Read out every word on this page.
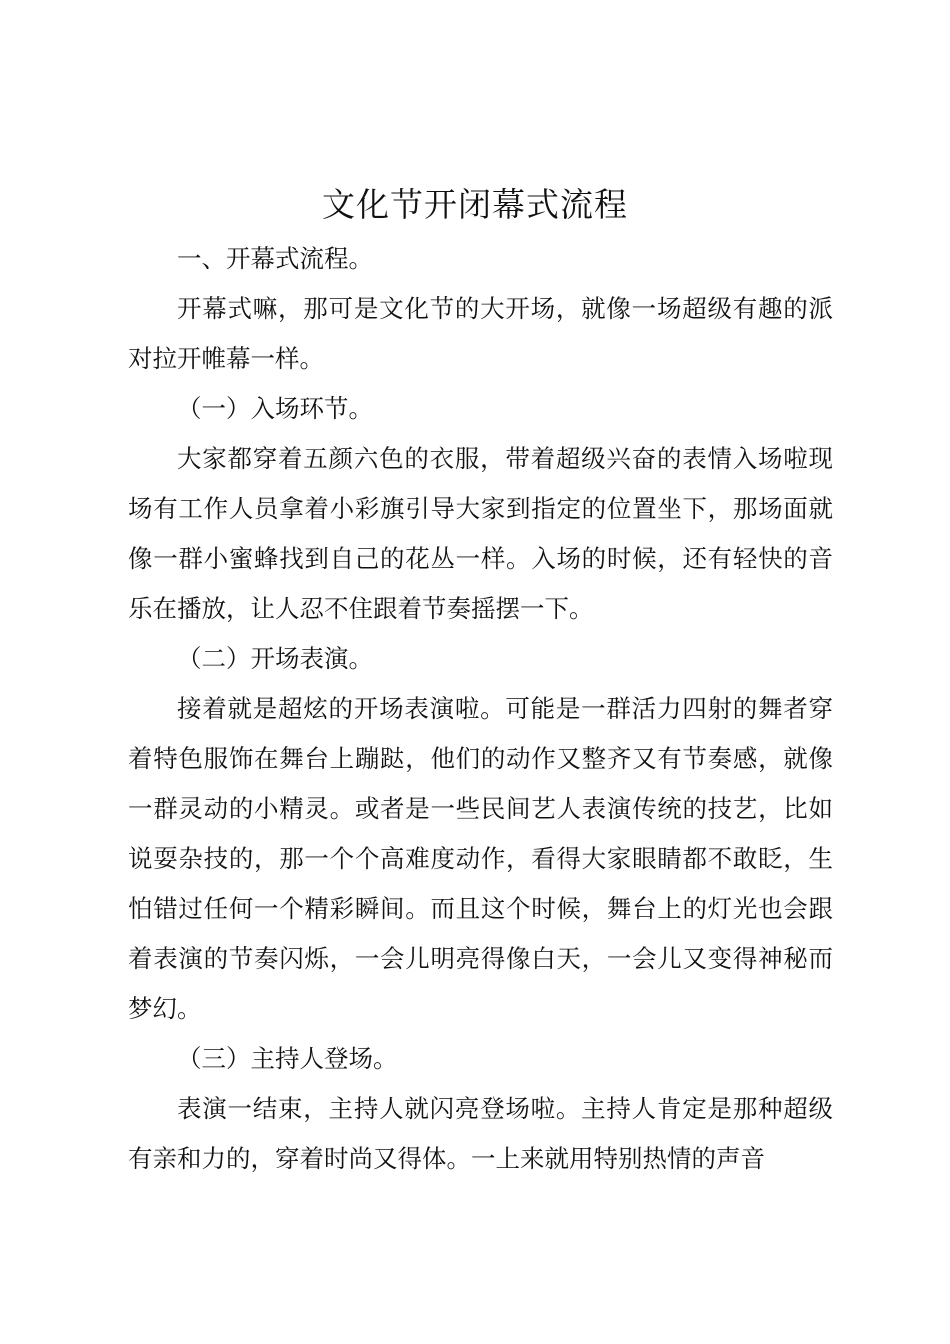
文化节开闭幕式流程

一、开幕式流程。

开幕式嘛，那可是文化节的大开场，就像一场超级有趣的派对拉开帷幕一样。

（一）入场环节。

大家都穿着五颜六色的衣服，带着超级兴奋的表情入场啦现场有工作人员拿着小彩旗引导大家到指定的位置坐下，那场面就像一群小蜜蜂找到自己的花丛一样。入场的时候，还有轻快的音乐在播放，让人忍不住跟着节奏摇摆一下。

（二）开场表演。

接着就是超炫的开场表演啦。可能是一群活力四射的舞者穿着特色服饰在舞台上蹦跶，他们的动作又整齐又有节奏感，就像一群灵动的小精灵。或者是一些民间艺人表演传统的技艺，比如说耍杂技的，那一个个高难度动作，看得大家眼睛都不敢眨，生怕错过任何一个精彩瞬间。而且这个时候，舞台上的灯光也会跟着表演的节奏闪烁，一会儿明亮得像白天，一会儿又变得神秘而梦幻。

（三）主持人登场。

表演一结束，主持人就闪亮登场啦。主持人肯定是那种超级有亲和力的，穿着时尚又得体。一上来就用特别热情的声音
